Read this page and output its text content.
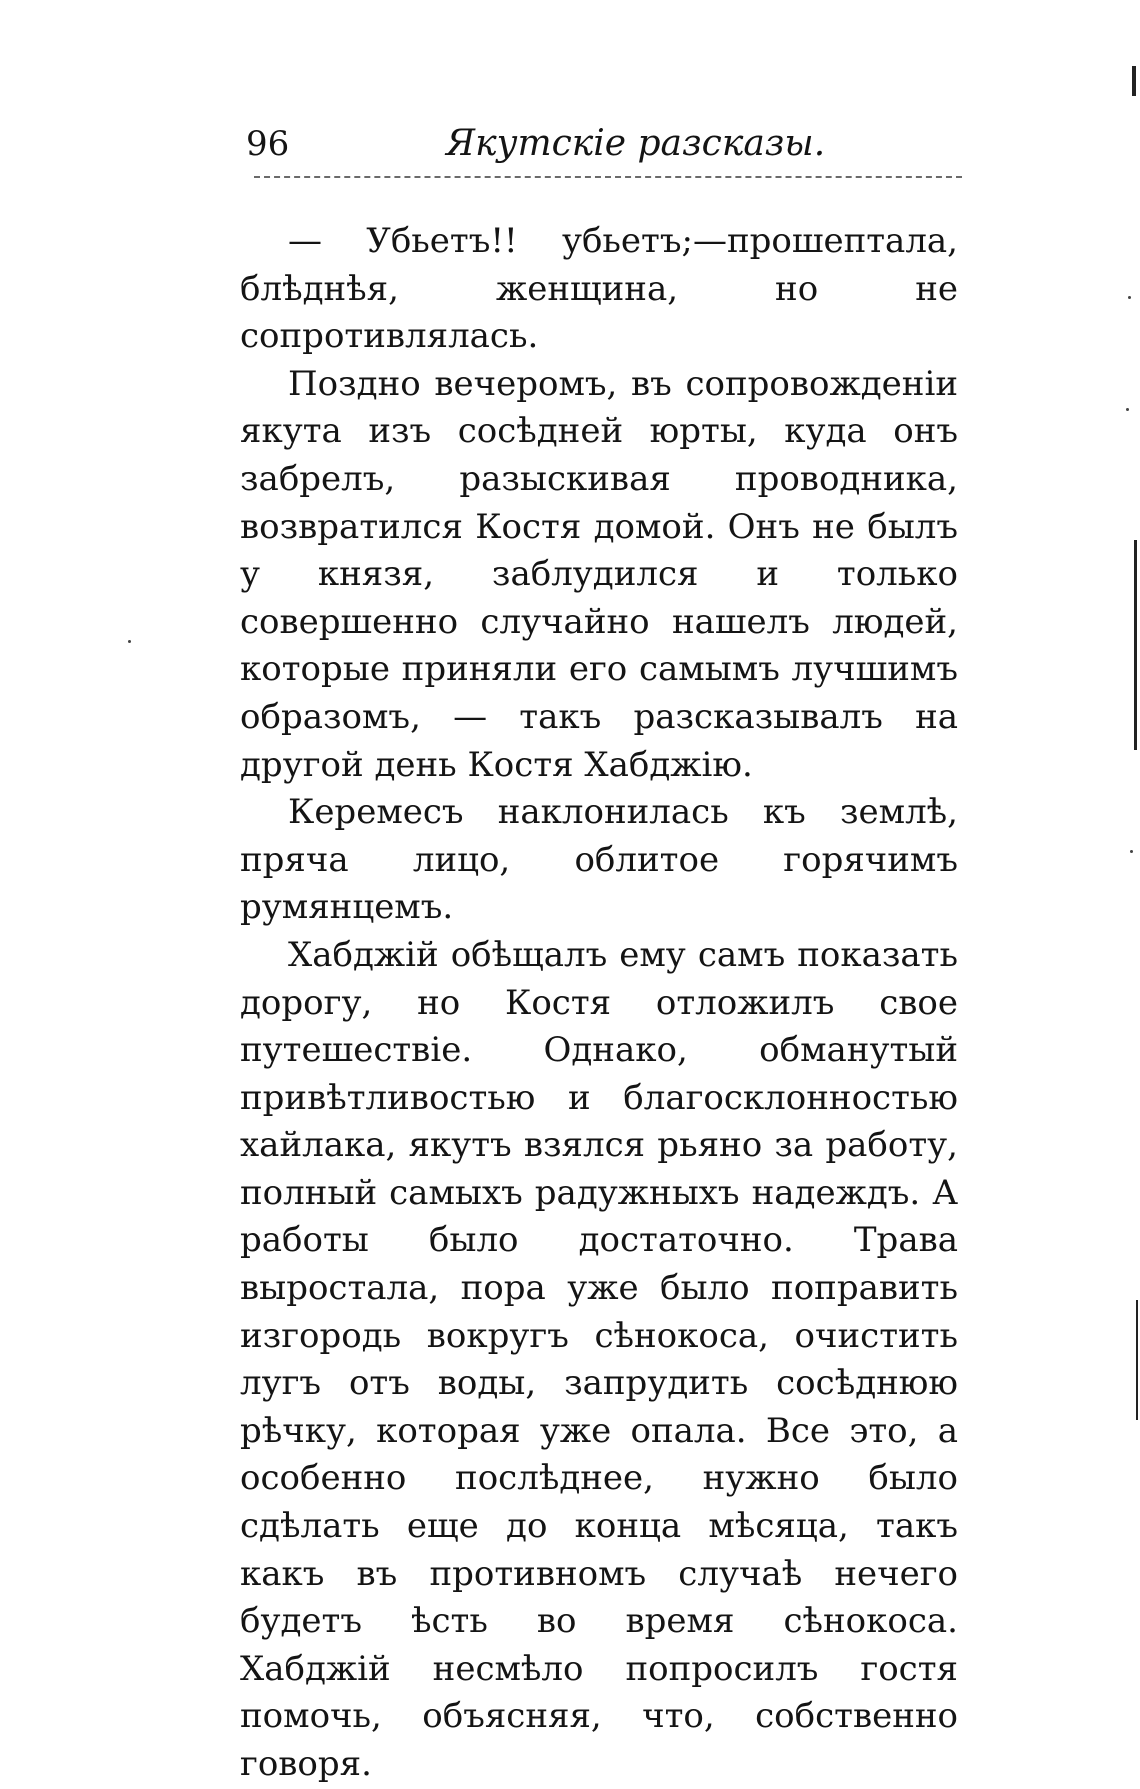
96	Якутскіе разсказы.

— Убьетъ!! убьетъ;—прошептала, блѣднѣя, женщина, но не сопротивлялась.

Поздно вечеромъ, въ сопровожденіи якута изъ сосѣдней юрты, куда онъ забрелъ, разыскивая проводника, возвратился Костя домой. Онъ не былъ у князя, заблудился и только совершенно случайно нашелъ людей, которые приняли его самымъ лучшимъ образомъ, — такъ разсказывалъ на другой день Костя Хабджію.

Керемесъ наклонилась къ землѣ, пряча лицо, облитое горячимъ румянцемъ.

Хабджій обѣщалъ ему самъ показать дорогу, но Костя отложилъ свое путешествіе. Однако, обманутый привѣтливостью и благосклонностью хайлака, якутъ взялся рьяно за работу, полный самыхъ радужныхъ надеждъ. А работы было достаточно. Трава выростала, пора уже было поправить изгородь вокругъ сѣнокоса, очистить лугъ отъ воды, запрудить сосѣднюю рѣчку, которая уже опала. Все это, а особенно послѣднее, нужно было сдѣлать еще до конца мѣсяца, такъ какъ въ противномъ случаѣ нечего будетъ ѣсть во время сѣнокоса. Хабджій несмѣло попросилъ гостя помочь, объясняя, что, собственно говоря.
